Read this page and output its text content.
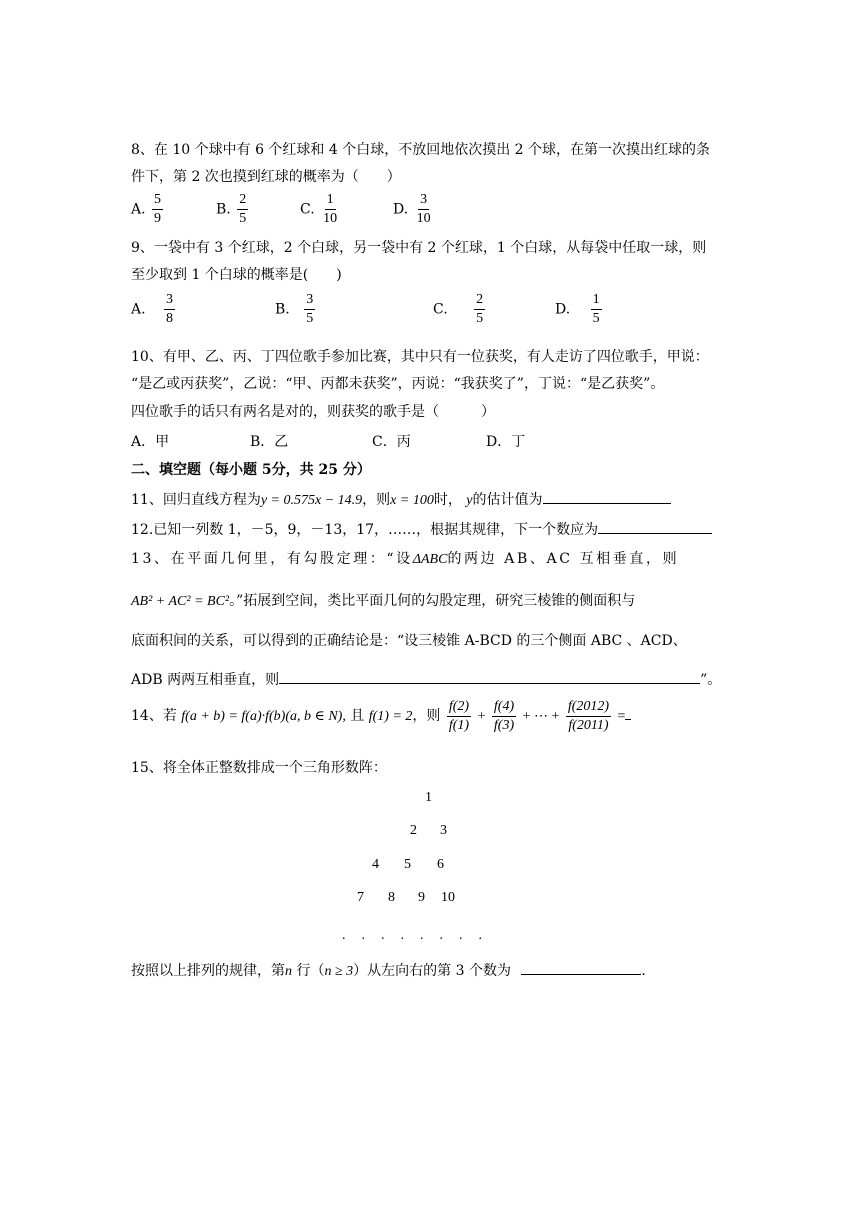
8、在 10 个球中有 6 个红球和 4 个白球，不放回地依次摸出 2 个球，在第一次摸出红球的条
件下，第 2 次也摸到红球的概率为（　　）
A. $\frac{5}{9}$	B. $\frac{2}{5}$	C. $\frac{1}{10}$	D. $\frac{3}{10}$
9、一袋中有 3 个红球，2 个白球，另一袋中有 2 个红球，1 个白球，从每袋中任取一球，则
至少取到 1 个白球的概率是(　　)
A. $\frac{3}{8}$	B. $\frac{3}{5}$	C. $\frac{2}{5}$	D. $\frac{1}{5}$
10、有甲、乙、丙、丁四位歌手参加比赛，其中只有一位获奖，有人走访了四位歌手，甲说：
“是乙或丙获奖”，乙说：“甲、丙都未获奖”，丙说：“我获奖了”，丁说：“是乙获奖”。
四位歌手的话只有两名是对的，则获奖的歌手是（　　　）
A．甲	B．乙	C．丙	D．丁
二、填空题（每小题 5分，共 25 分）
11、回归直线方程为y = 0.575x − 14.9，则x = 100时， y的估计值为
12.已知一列数 1，－5，9，－13，17，……，根据其规律，下一个数应为
13、在平面几何里，有勾股定理：“设ΔABC的两边 AB、AC 互相垂直，则
AB² + AC² = BC²。”拓展到空间，类比平面几何的勾股定理，研究三棱锥的侧面积与
底面积间的关系，可以得到的正确结论是：“设三棱锥 A-BCD 的三个侧面 ABC 、ACD、
ADB 两两互相垂直，则	”。
14、若 f(a + b) = f(a)·f(b)(a, b ∈ N), 且 f(1) = 2，则 $\frac{f(2)}{f(1)} + \frac{f(4)}{f(3)}$ + ⋯ + $\frac{f(2012)}{f(2011)}$ =
15、将全体正整数排成一个三角形数阵：
1
2 3
4 5 6
7 8 9 10
.　.　.　.　.　.　.　.
按照以上排列的规律，第n 行（n ≥ 3）从左向右的第 3 个数为	.
